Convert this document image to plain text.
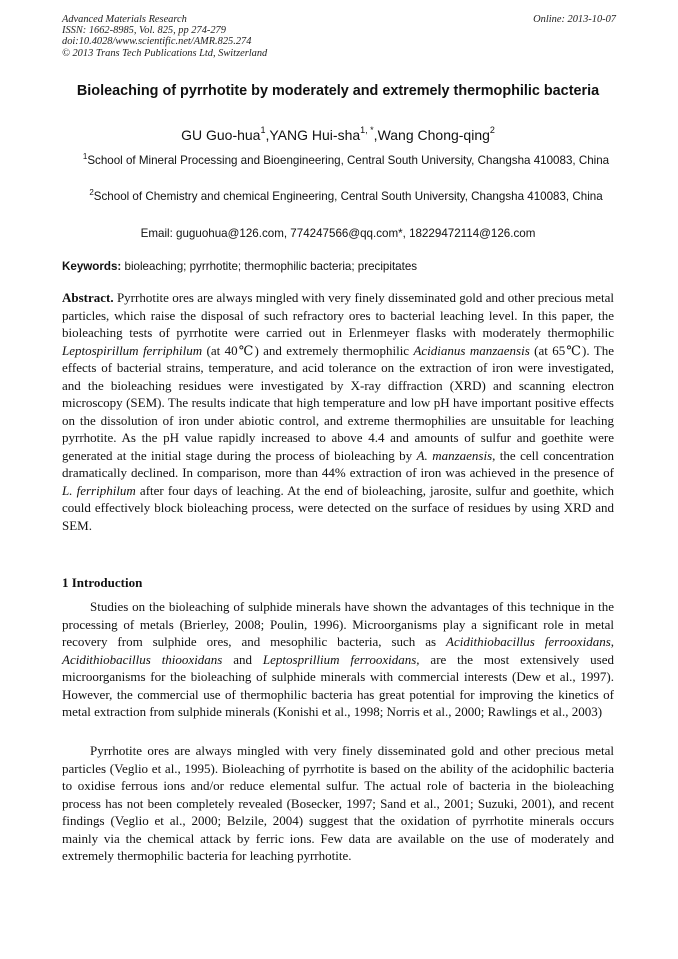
Advanced Materials Research
ISSN: 1662-8985, Vol. 825, pp 274-279
doi:10.4028/www.scientific.net/AMR.825.274
© 2013 Trans Tech Publications Ltd, Switzerland
Online: 2013-10-07
Bioleaching of pyrrhotite by moderately and extremely thermophilic bacteria
GU Guo-hua$^1$,YANG Hui-sha$^{1, *}$,Wang Chong-qing$^2$
$^1$School of Mineral Processing and Bioengineering, Central South University, Changsha 410083, China
$^2$School of Chemistry and chemical Engineering, Central South University, Changsha 410083, China
Email: guguohua@126.com, 774247566@qq.com*, 18229472114@126.com
Keywords: bioleaching; pyrrhotite; thermophilic bacteria; precipitates

Abstract. Pyrrhotite ores are always mingled with very finely disseminated gold and other precious metal particles, which raise the disposal of such refractory ores to bacterial leaching level. In this paper, the bioleaching tests of pyrrhotite were carried out in Erlenmeyer flasks with moderately thermophilic Leptospirillum ferriphilum (at 40℃) and extremely thermophilic Acidianus manzaensis (at 65℃). The effects of bacterial strains, temperature, and acid tolerance on the extraction of iron were investigated, and the bioleaching residues were investigated by X-ray diffraction (XRD) and scanning electron microscopy (SEM). The results indicate that high temperature and low pH have important positive effects on the dissolution of iron under abiotic control, and extreme thermophilies are unsuitable for leaching pyrrhotite. As the pH value rapidly increased to above 4.4 and amounts of sulfur and goethite were generated at the initial stage during the process of bioleaching by A. manzaensis, the cell concentration dramatically declined. In comparison, more than 44% extraction of iron was achieved in the presence of L. ferriphilum after four days of leaching. At the end of bioleaching, jarosite, sulfur and goethite, which could effectively block bioleaching process, were detected on the surface of residues by using XRD and SEM.

1 Introduction

Studies on the bioleaching of sulphide minerals have shown the advantages of this technique in the processing of metals (Brierley, 2008; Poulin, 1996). Microorganisms play a significant role in metal recovery from sulphide ores, and mesophilic bacteria, such as Acidithiobacillus ferrooxidans, Acidithiobacillus thiooxidans and Leptosprillium ferrooxidans, are the most extensively used microorganisms for the bioleaching of sulphide minerals with commercial interests (Dew et al., 1997). However, the commercial use of thermophilic bacteria has great potential for improving the kinetics of metal extraction from sulphide minerals (Konishi et al., 1998; Norris et al., 2000; Rawlings et al., 2003)

Pyrrhotite ores are always mingled with very finely disseminated gold and other precious metal particles (Veglio et al., 1995). Bioleaching of pyrrhotite is based on the ability of the acidophilic bacteria to oxidise ferrous ions and/or reduce elemental sulfur. The actual role of bacteria in the bioleaching process has not been completely revealed (Bosecker, 1997; Sand et al., 2001; Suzuki, 2001), and recent findings (Veglio et al., 2000; Belzile, 2004) suggest that the oxidation of pyrrhotite minerals occurs mainly via the chemical attack by ferric ions. Few data are available on the use of moderately and extremely thermophilic bacteria for leaching pyrrhotite.
